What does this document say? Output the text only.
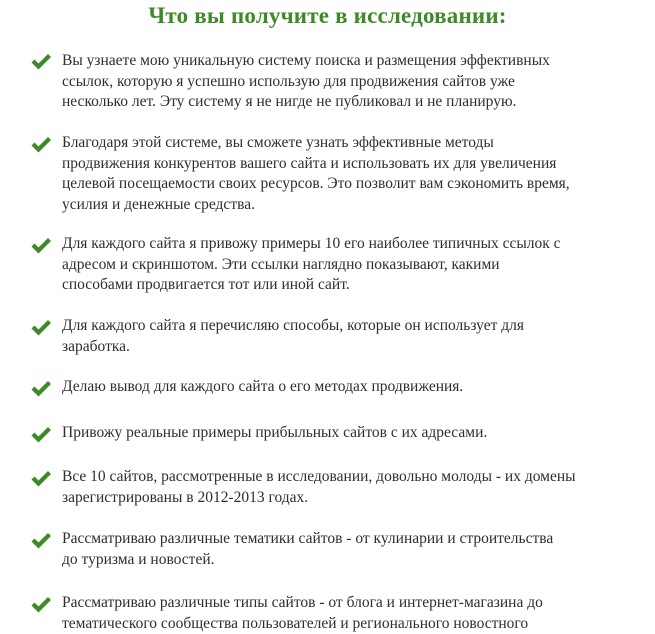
Что вы получите в исследовании:
Вы узнаете мою уникальную систему поиска и размещения эффективных
ссылок, которую я успешно использую для продвижения сайтов уже
несколько лет. Эту систему я не нигде не публиковал и не планирую.
Благодаря этой системе, вы сможете узнать эффективные методы
продвижения конкурентов вашего сайта и использовать их для увеличения
целевой посещаемости своих ресурсов. Это позволит вам сэкономить время,
усилия и денежные средства.
Для каждого сайта я привожу примеры 10 его наиболее типичных ссылок с
адресом и скриншотом. Эти ссылки наглядно показывают, какими
способами продвигается тот или иной сайт.
Для каждого сайта я перечисляю способы, которые он использует для
заработка.
Делаю вывод для каждого сайта о его методах продвижения.
Привожу реальные примеры прибыльных сайтов с их адресами.
Все 10 сайтов, рассмотренные в исследовании, довольно молоды - их домены
зарегистрированы в 2012-2013 годах.
Рассматриваю различные тематики сайтов - от кулинарии и строительства
до туризма и новостей.
Рассматриваю различные типы сайтов - от блога и интернет-магазина до
тематического сообщества пользователей и регионального новостного
